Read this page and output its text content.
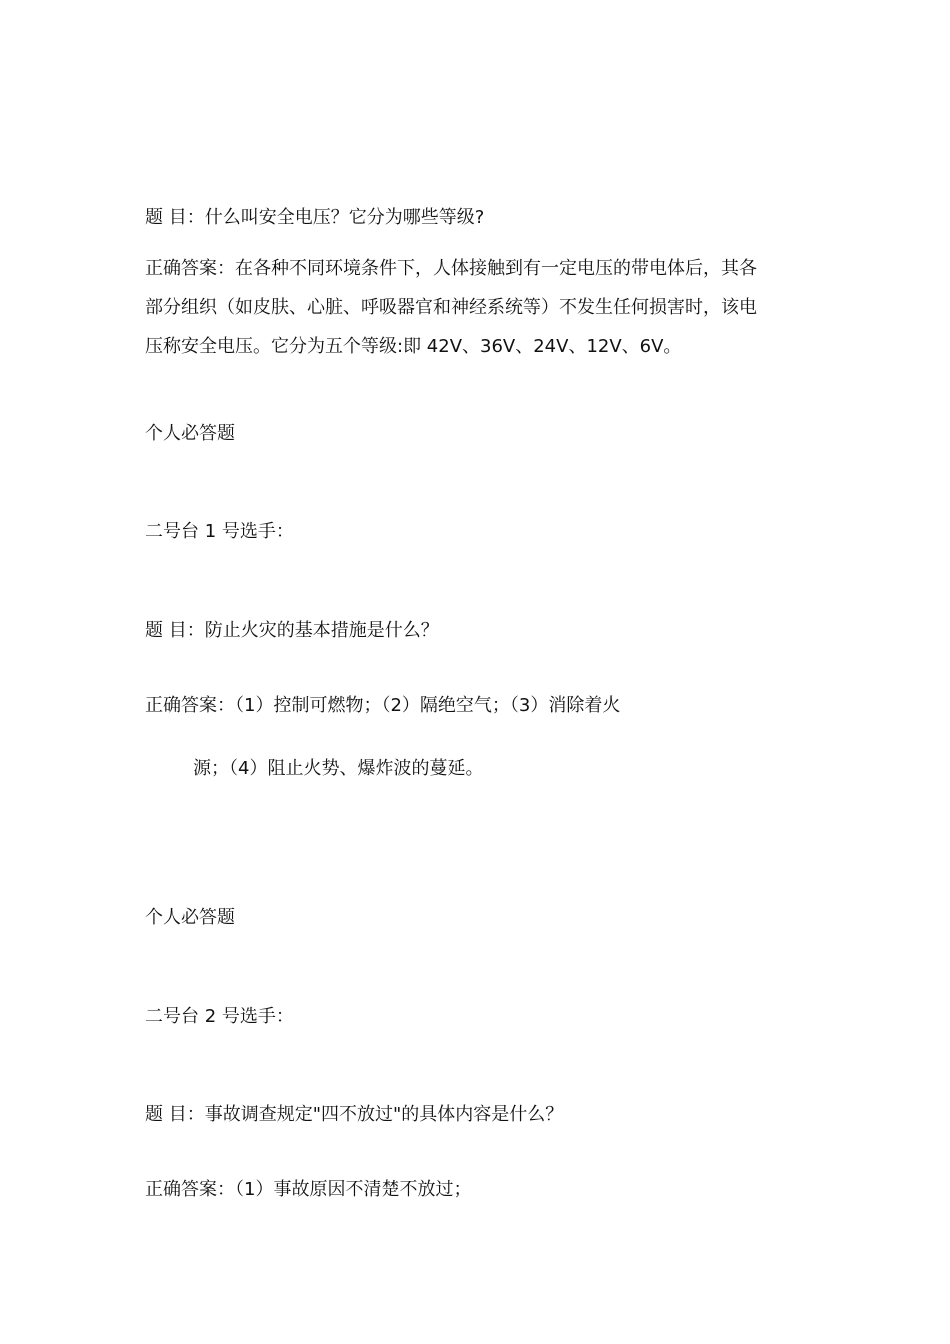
题 目：什么叫安全电压？它分为哪些等级?
正确答案：在各种不同环境条件下，人体接触到有一定电压的带电体后，其各
部分组织（如皮肤、心脏、呼吸器官和神经系统等）不发生任何损害时，该电
压称安全电压。它分为五个等级:即 42V、36V、24V、12V、6V。
个人必答题
二号台 1 号选手：
题 目：防止火灾的基本措施是什么？
正确答案：（1）控制可燃物；（2）隔绝空气；（3）消除着火
源；（4）阻止火势、爆炸波的蔓延。
个人必答题
二号台 2 号选手：
题 目：事故调查规定"四不放过"的具体内容是什么？
正确答案：（1）事故原因不清楚不放过；
